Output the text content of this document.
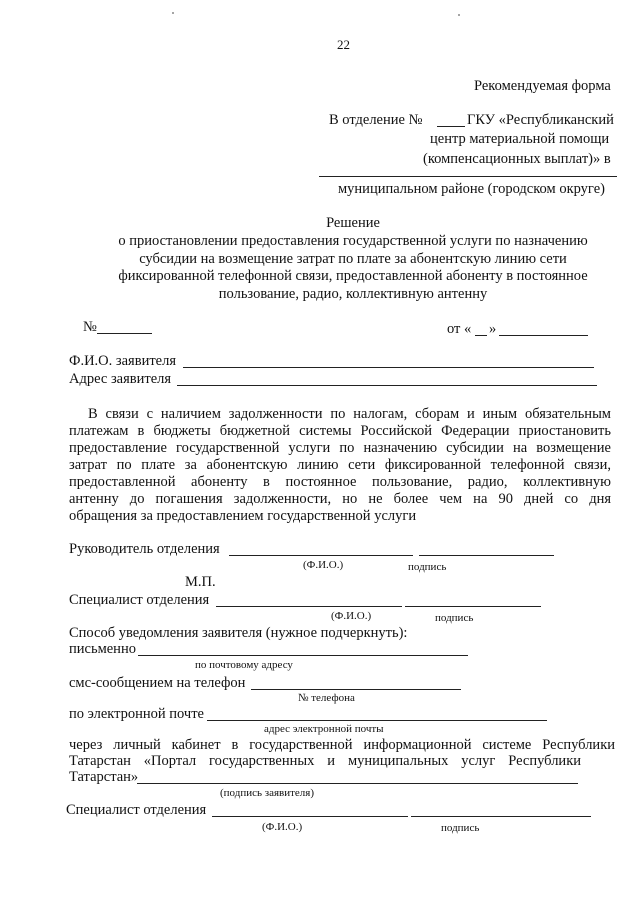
22
Рекомендуемая форма
В отделение №	ГКУ «Республиканский
центр материальной помощи
(компенсационных выплат)» в
муниципальном районе (городском округе)
Решение
о приостановлении предоставления государственной услуги по назначению
субсидии на возмещение затрат по плате за абонентскую линию сети
фиксированной телефонной связи, предоставленной абоненту в постоянное
пользование, радио, коллективную антенну
№	от « »
Ф.И.О. заявителя
Адрес заявителя
В связи с наличием задолженности по налогам, сборам и иным обязательным
платежам в бюджеты бюджетной системы Российской Федерации приостановить
предоставление государственной услуги по назначению субсидии на возмещение
затрат по плате за абонентскую линию сети фиксированной телефонной связи,
предоставленной абоненту в постоянное пользование, радио, коллективную
антенну до погашения задолженности, но не более чем на 90 дней со дня
обращения за предоставлением государственной услуги
Руководитель отделения
(Ф.И.О.)	подпись
М.П.
Специалист отделения
(Ф.И.О.)	подпись
Способ уведомления заявителя (нужное подчеркнуть):
письменно
по почтовому адресу
смс-сообщением на телефон
№ телефона
по электронной почте
адрес электронной почты
через личный кабинет в государственной информационной системе Республики
Татарстан «Портал государственных и муниципальных услуг Республики
Татарстан»
(подпись заявителя)
Специалист отделения
(Ф.И.О.)	подпись
